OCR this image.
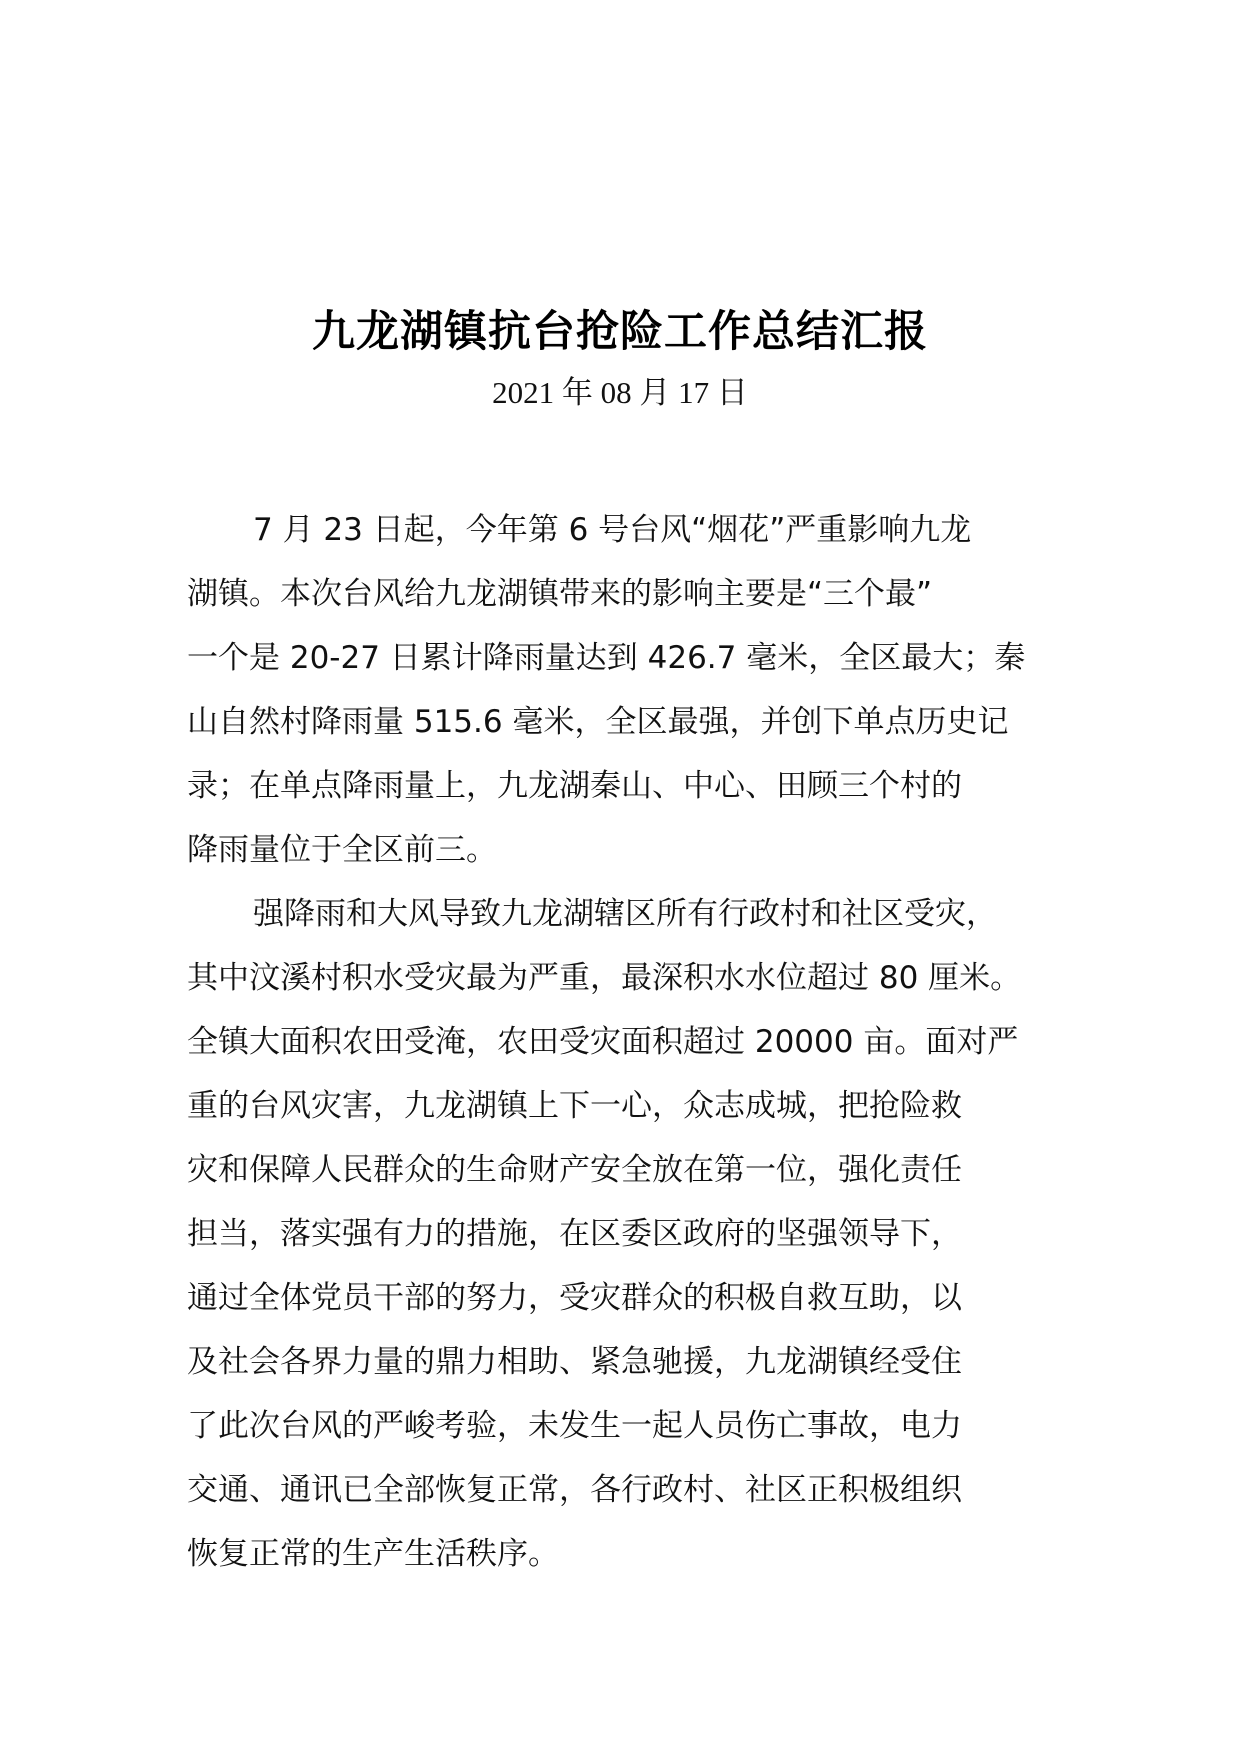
九龙湖镇抗台抢险工作总结汇报
2021 年 08 月 17 日
7 月 23 日起，今年第 6 号台风“烟花”严重影响九龙
湖镇。本次台风给九龙湖镇带来的影响主要是“三个最”
一个是 20-27 日累计降雨量达到 426.7 毫米，全区最大；秦
山自然村降雨量 515.6 毫米，全区最强，并创下单点历史记
录；在单点降雨量上，九龙湖秦山、中心、田顾三个村的
降雨量位于全区前三。
强降雨和大风导致九龙湖辖区所有行政村和社区受灾，
其中汶溪村积水受灾最为严重，最深积水水位超过 80 厘米。
全镇大面积农田受淹，农田受灾面积超过 20000 亩。面对严
重的台风灾害，九龙湖镇上下一心，众志成城，把抢险救
灾和保障人民群众的生命财产安全放在第一位，强化责任
担当，落实强有力的措施，在区委区政府的坚强领导下，
通过全体党员干部的努力，受灾群众的积极自救互助，以
及社会各界力量的鼎力相助、紧急驰援，九龙湖镇经受住
了此次台风的严峻考验，未发生一起人员伤亡事故，电力
交通、通讯已全部恢复正常，各行政村、社区正积极组织
恢复正常的生产生活秩序。
